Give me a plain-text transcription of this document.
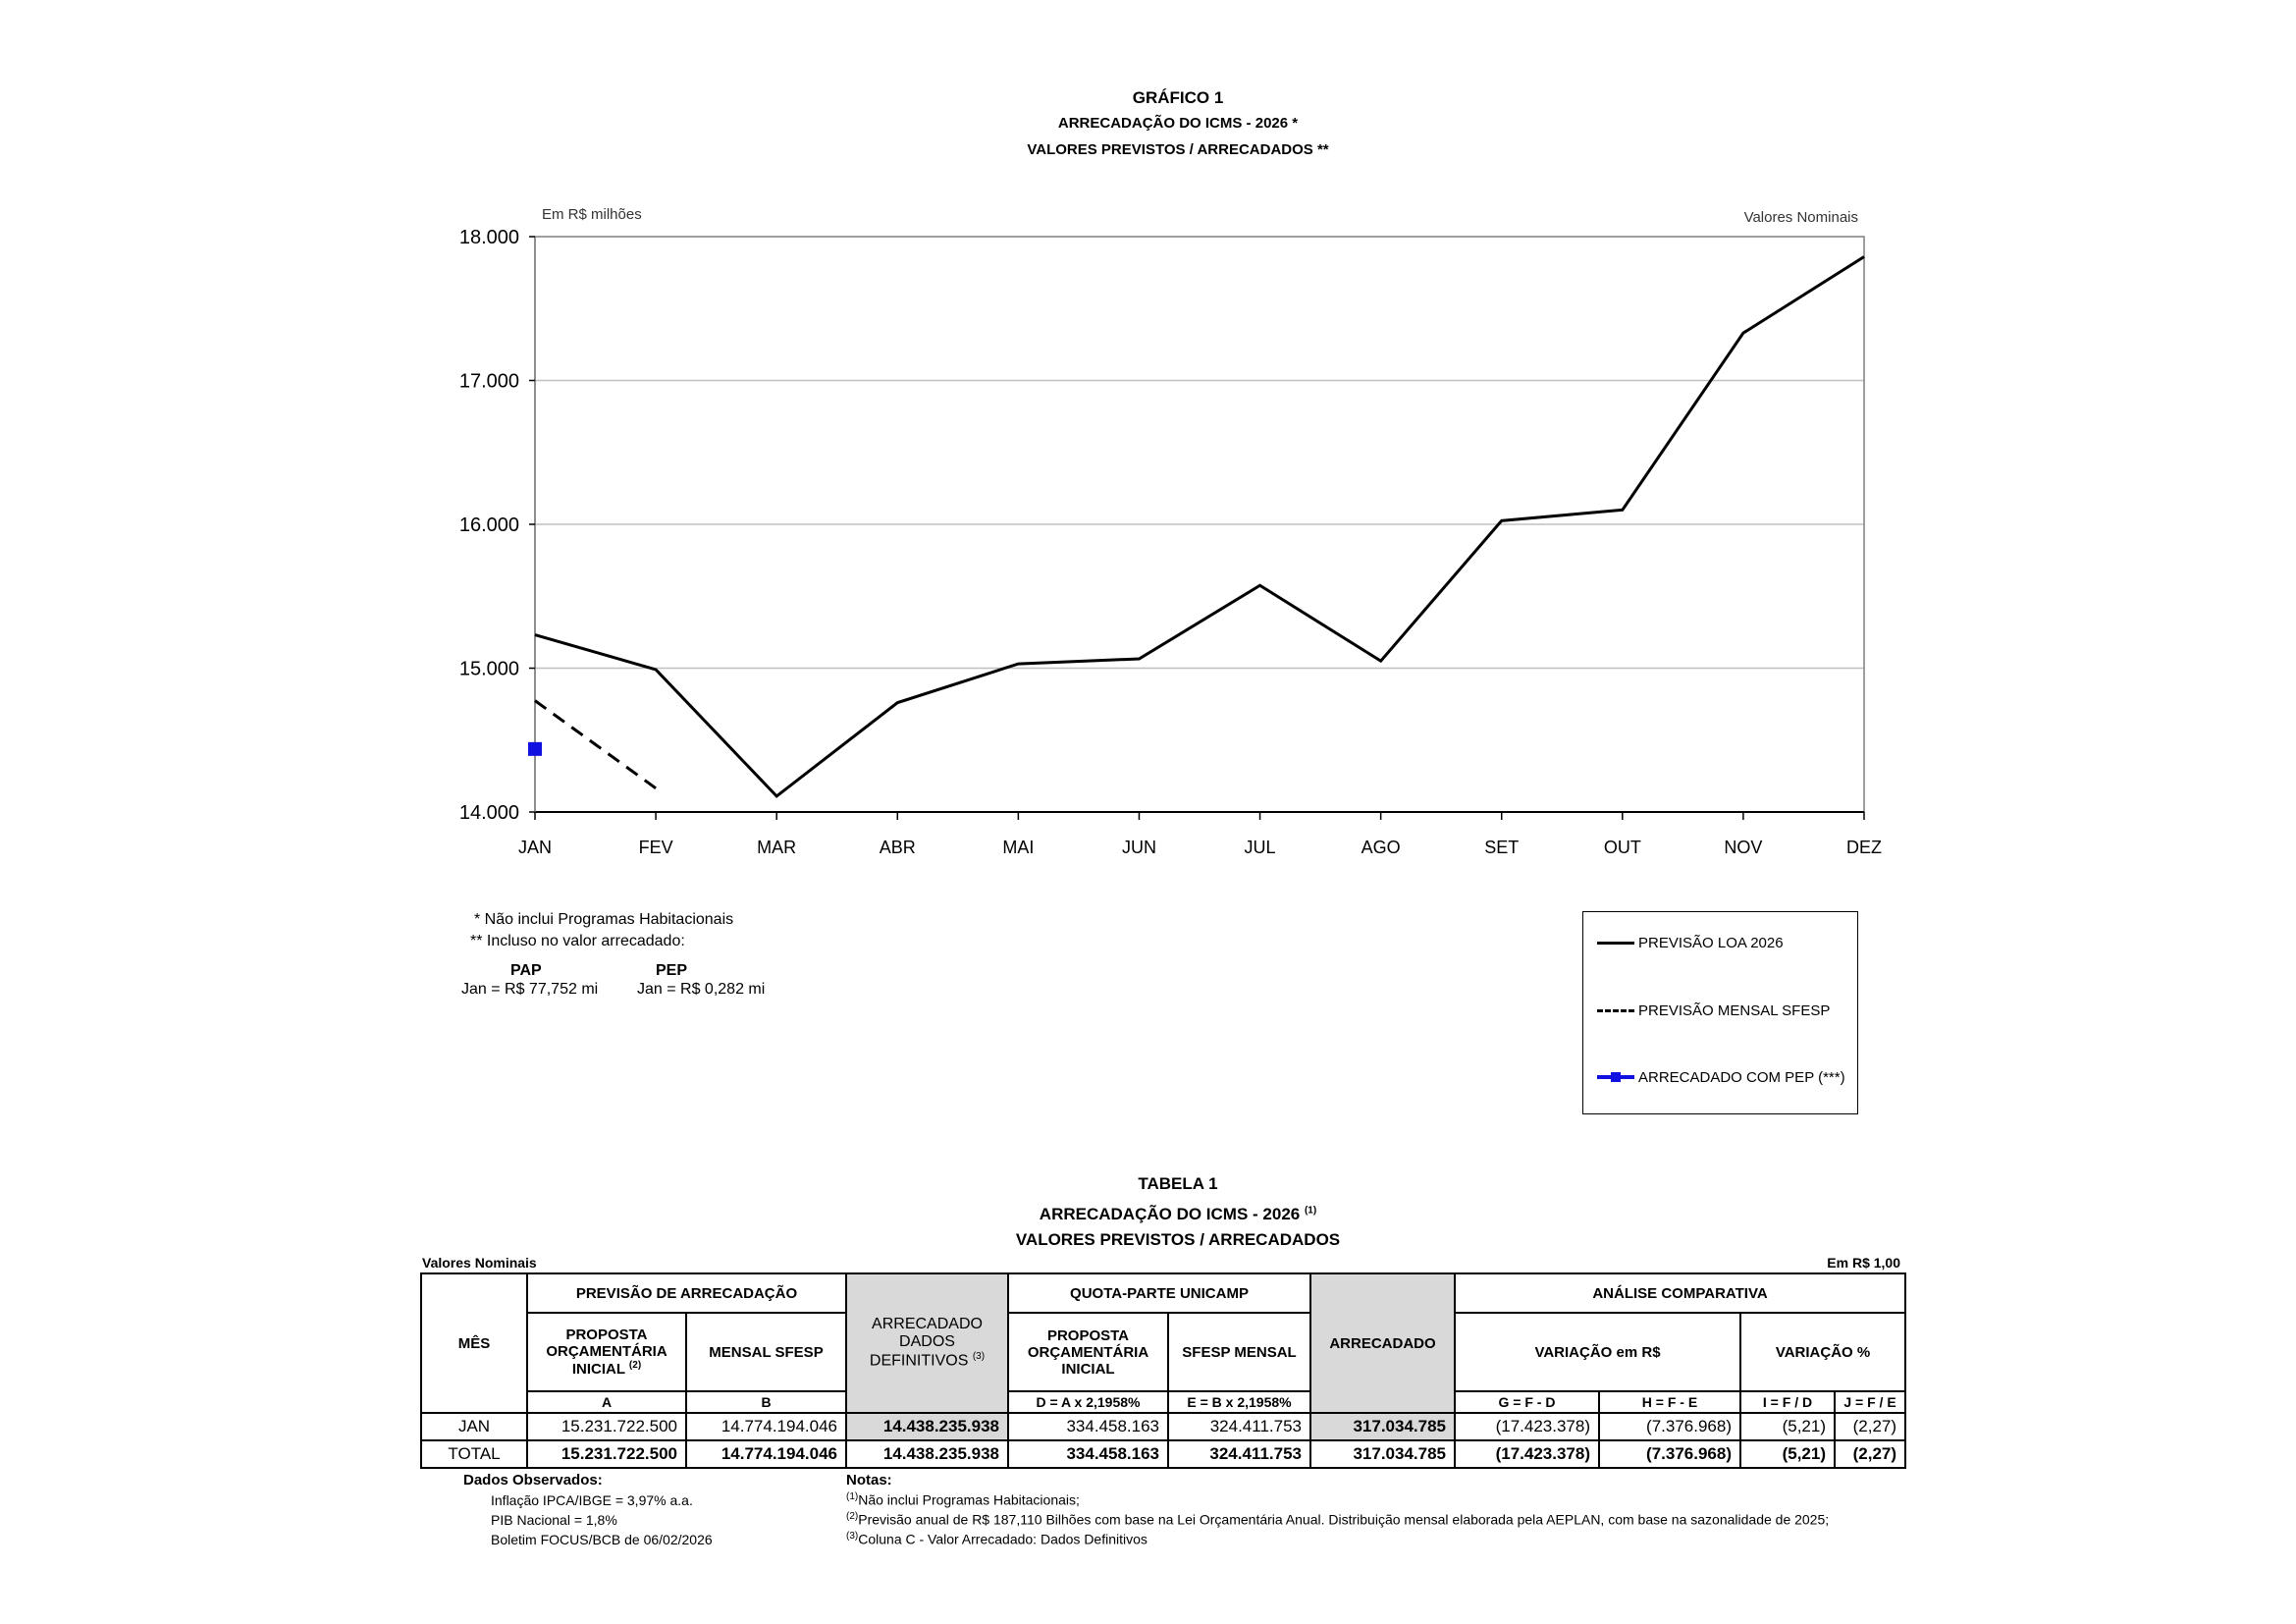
GRÁFICO 1
ARRECADAÇÃO DO ICMS - 2026 *
VALORES PREVISTOS / ARRECADADOS **
JAN	FEV	MAR	ABR	MAI	JUN	JUL	AGO	SET	OUT	NOV	DEZ
14.000
15.000
16.000
17.000
18.000
Em R$ milhões	Valores Nominais
* Não inclui Programas Habitacionais
** Incluso no valor arrecadado:
PAP	PEP
Jan = R$ 77,752 mi Jan = R$ 0,282 mi
PREVISÃO LOA 2026
PREVISÃO MENSAL SFESP
ARRECADADO COM PEP (***)
TABELA 1
ARRECADAÇÃO DO ICMS - 2026 $^{(1)}$
VALORES PREVISTOS / ARRECADADOS
Valores Nominais	Em R$ 1,00
MÊS	PREVISÃO DE ARRECADAÇÃO		ARRECADADO DADOS DEFINITIVOS $^{(3)}$	QUOTA-PARTE UNICAMP		ARRECADADO	ANÁLISE COMPARATIVA			
	PROPOSTA ORÇAMENTÁRIA INICIAL $^{(2)}$	MENSAL SFESP		PROPOSTA ORÇAMENTÁRIA INICIAL	SFESP MENSAL		VARIAÇÃO em R$		VARIAÇÃO %	
	A	B		D = A x 2,1958%	E = B x 2,1958%		G = F - D	H = F - E	I = F / D	J = F / E
JAN	15.231.722.500	14.774.194.046	14.438.235.938	334.458.163	324.411.753	317.034.785	(17.423.378)	(7.376.968)	(5,21)	(2,27)
TOTAL	15.231.722.500	14.774.194.046	14.438.235.938	334.458.163	324.411.753	317.034.785	(17.423.378)	(7.376.968)	(5,21)	(2,27)
Dados Observados:
Inflação IPCA/IBGE = 3,97% a.a.
PIB Nacional = 1,8%
Boletim FOCUS/BCB de 06/02/2026
Notas:
$^{(1)}$Não inclui Programas Habitacionais;
$^{(2)}$Previsão anual de R$ 187,110 Bilhões com base na Lei Orçamentária Anual. Distribuição mensal elaborada pela AEPLAN, com base na sazonalidade de 2025;
$^{(3)}$Coluna C - Valor Arrecadado: Dados Definitivos
